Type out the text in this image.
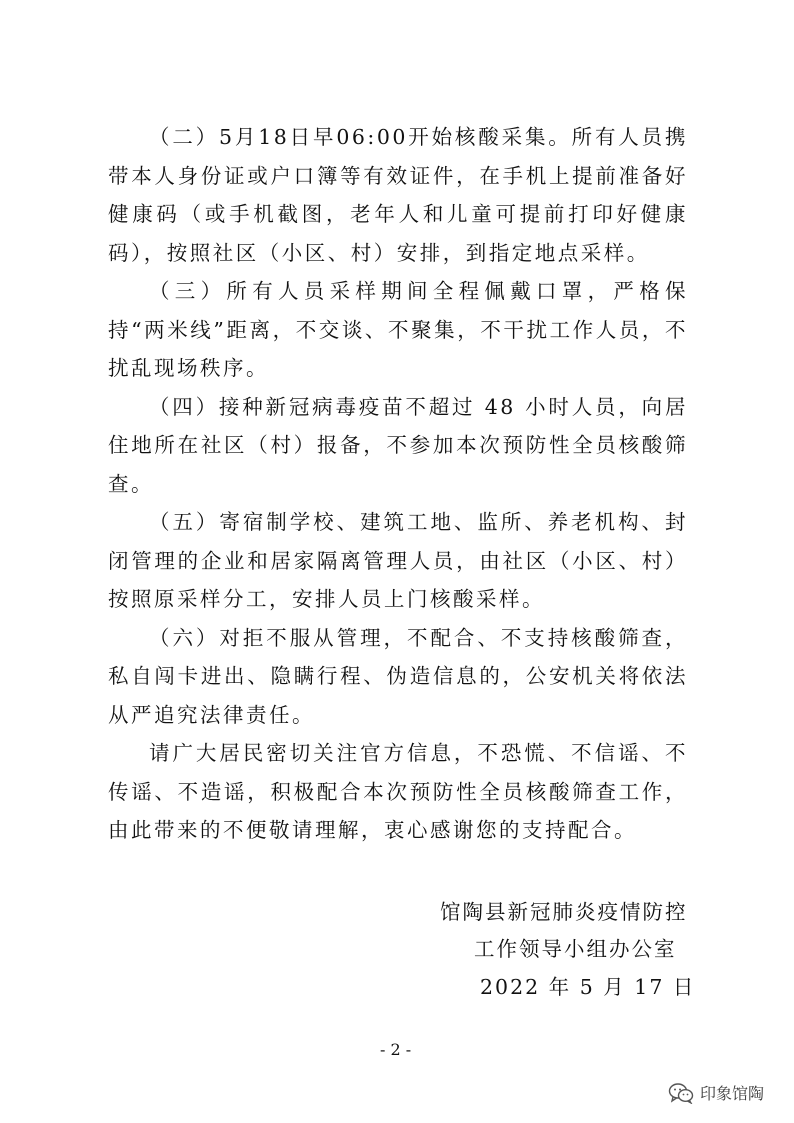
（二）5月18日早06:00开始核酸采集。所有人员携带本人身份证或户口簿等有效证件，在手机上提前准备好健康码（或手机截图，老年人和儿童可提前打印好健康码），按照社区（小区、村）安排，到指定地点采样。

（三）所有人员采样期间全程佩戴口罩，严格保持“两米线”距离，不交谈、不聚集，不干扰工作人员，不扰乱现场秩序。

（四）接种新冠病毒疫苗不超过 48 小时人员，向居住地所在社区（村）报备，不参加本次预防性全员核酸筛查。

（五）寄宿制学校、建筑工地、监所、养老机构、封闭管理的企业和居家隔离管理人员，由社区（小区、村）按照原采样分工，安排人员上门核酸采样。

（六）对拒不服从管理，不配合、不支持核酸筛查，私自闯卡进出、隐瞒行程、伪造信息的，公安机关将依法从严追究法律责任。

请广大居民密切关注官方信息，不恐慌、不信谣、不传谣、不造谣，积极配合本次预防性全员核酸筛查工作，由此带来的不便敬请理解，衷心感谢您的支持配合。

馆陶县新冠肺炎疫情防控

工作领导小组办公室

2022 年 5 月 17 日

- 2 -

印象馆陶
